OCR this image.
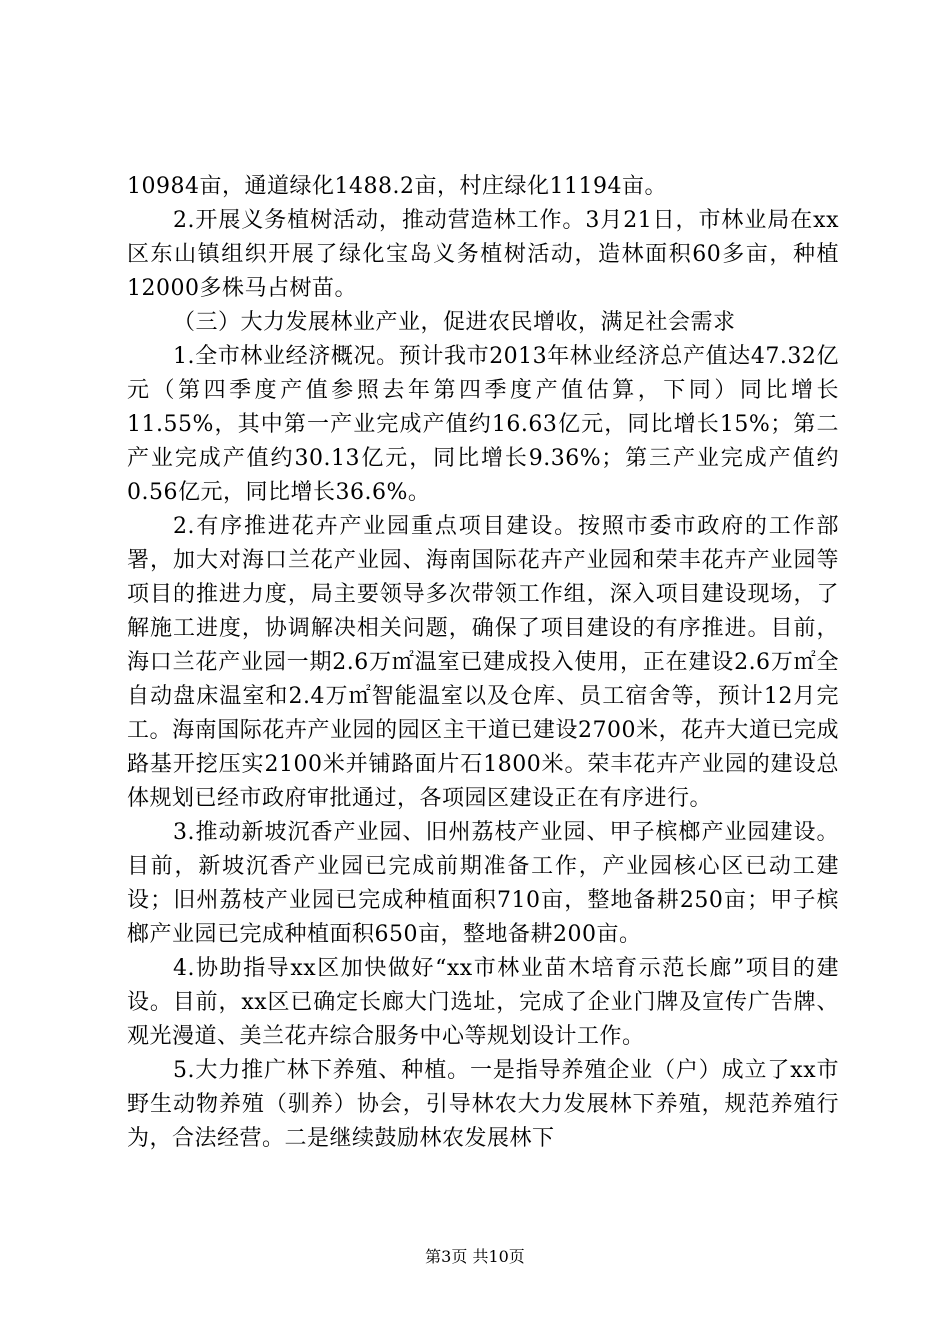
10984亩，通道绿化1488.2亩，村庄绿化11194亩。

2.开展义务植树活动，推动营造林工作。3月21日，市林业局在xx区东山镇组织开展了绿化宝岛义务植树活动，造林面积60多亩，种植12000多株马占树苗。

（三）大力发展林业产业，促进农民增收，满足社会需求

1.全市林业经济概况。预计我市2013年林业经济总产值达47.32亿元（第四季度产值参照去年第四季度产值估算，下同）同比增长11.55%，其中第一产业完成产值约16.63亿元，同比增长15%；第二产业完成产值约30.13亿元，同比增长9.36%；第三产业完成产值约0.56亿元，同比增长36.6%。

2.有序推进花卉产业园重点项目建设。按照市委市政府的工作部署，加大对海口兰花产业园、海南国际花卉产业园和荣丰花卉产业园等项目的推进力度，局主要领导多次带领工作组，深入项目建设现场，了解施工进度，协调解决相关问题，确保了项目建设的有序推进。目前，海口兰花产业园一期2.6万㎡温室已建成投入使用，正在建设2.6万㎡全自动盘床温室和2.4万㎡智能温室以及仓库、员工宿舍等，预计12月完工。海南国际花卉产业园的园区主干道已建设2700米，花卉大道已完成路基开挖压实2100米并铺路面片石1800米。荣丰花卉产业园的建设总体规划已经市政府审批通过，各项园区建设正在有序进行。

3.推动新坡沉香产业园、旧州荔枝产业园、甲子槟榔产业园建设。目前，新坡沉香产业园已完成前期准备工作，产业园核心区已动工建设；旧州荔枝产业园已完成种植面积710亩，整地备耕250亩；甲子槟榔产业园已完成种植面积650亩，整地备耕200亩。

4.协助指导xx区加快做好“xx市林业苗木培育示范长廊”项目的建设。目前，xx区已确定长廊大门选址，完成了企业门牌及宣传广告牌、观光漫道、美兰花卉综合服务中心等规划设计工作。

5.大力推广林下养殖、种植。一是指导养殖企业（户）成立了xx市野生动物养殖（驯养）协会，引导林农大力发展林下养殖，规范养殖行为，合法经营。二是继续鼓励林农发展林下

第3页 共10页
